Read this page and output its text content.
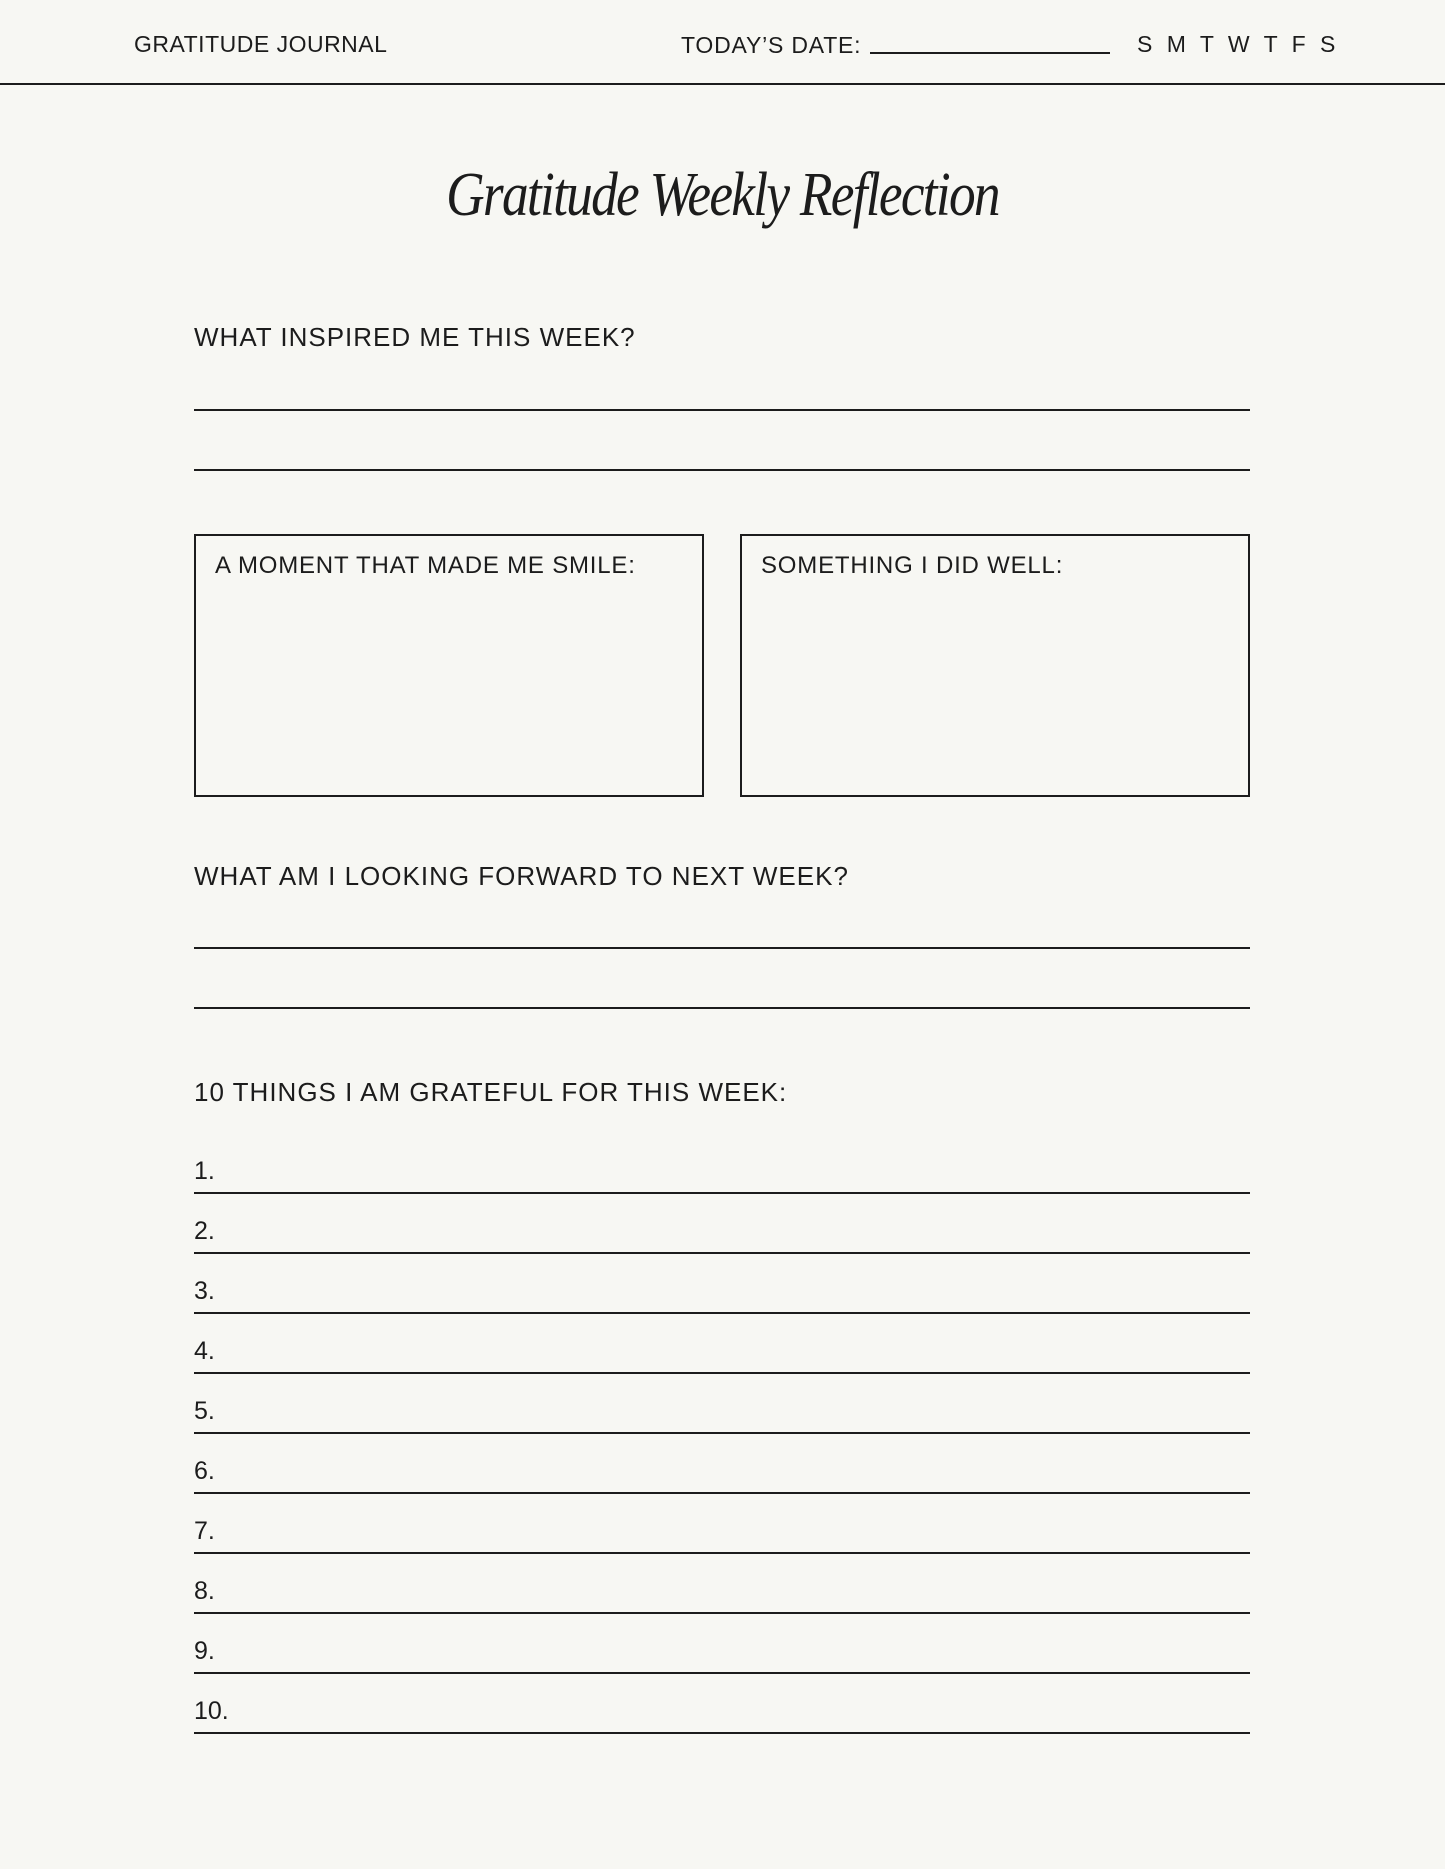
GRATITUDE JOURNAL	TODAY’S DATE:	S M T W T F S
Gratitude Weekly Reflection
WHAT INSPIRED ME THIS WEEK?
A MOMENT THAT MADE ME SMILE:	SOMETHING I DID WELL:
WHAT AM I LOOKING FORWARD TO NEXT WEEK?
10 THINGS I AM GRATEFUL FOR THIS WEEK:
1.
2.
3.
4.
5.
6.
7.
8.
9.
10.
